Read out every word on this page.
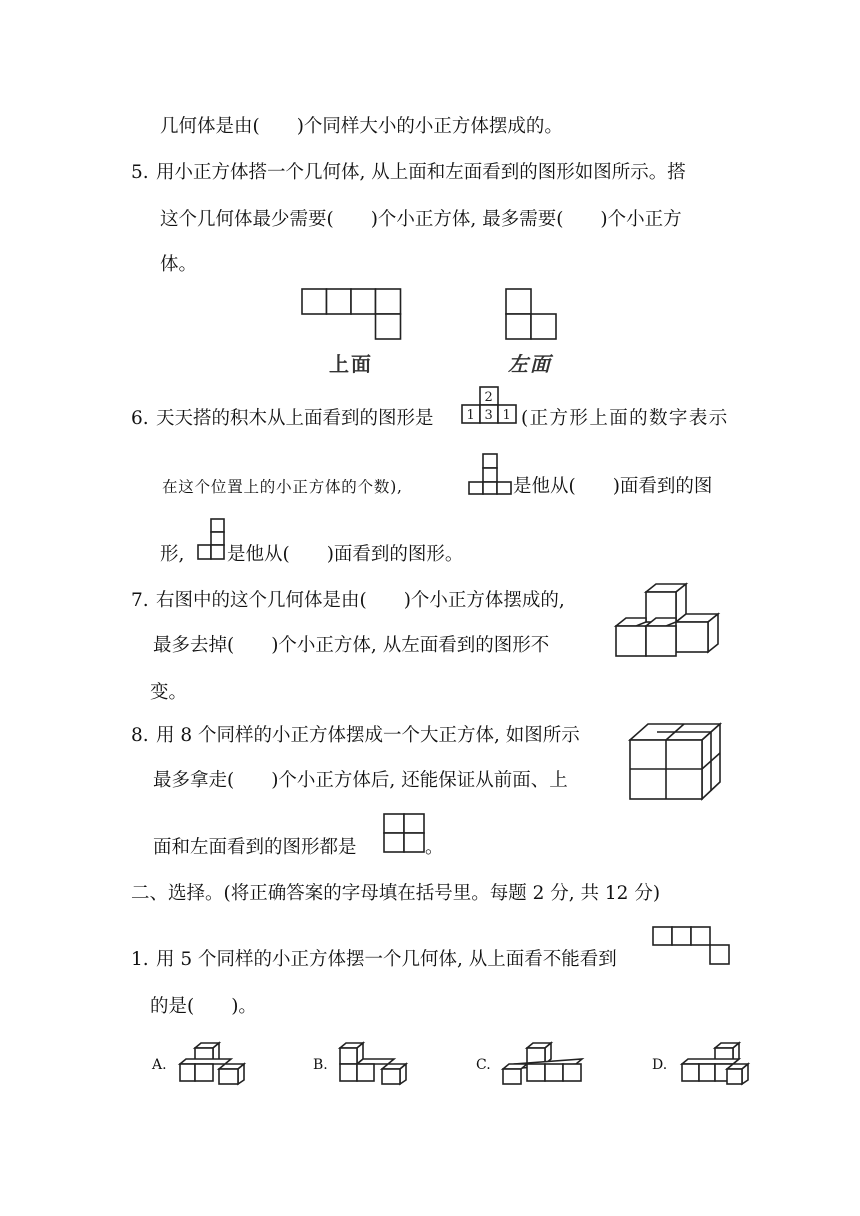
几何体是由(　　)个同样大小的小正方体摆成的。
5. 用小正方体搭一个几何体, 从上面和左面看到的图形如图所示。搭
这个几何体最少需要(　　)个小正方体, 最多需要(　　)个小正方
体。
上面	左面
6. 天天搭的积木从上面看到的图形是
2
1 3 1 (正方形上面的数字表示
在这个位置上的小正方体的个数),	是他从(　　)面看到的图
形, 是他从(　　)面看到的图形。
7. 右图中的这个几何体是由(　　)个小正方体摆成的,
最多去掉(　　)个小正方体, 从左面看到的图形不
变。
8. 用 8 个同样的小正方体摆成一个大正方体, 如图所示
最多拿走(　　)个小正方体后, 还能保证从前面、上
面和左面看到的图形都是	。
二、选择。(将正确答案的字母填在括号里。每题 2 分, 共 12 分)
1. 用 5 个同样的小正方体摆一个几何体, 从上面看不能看到
的是(　　)。
A.	B.	C.	D.
